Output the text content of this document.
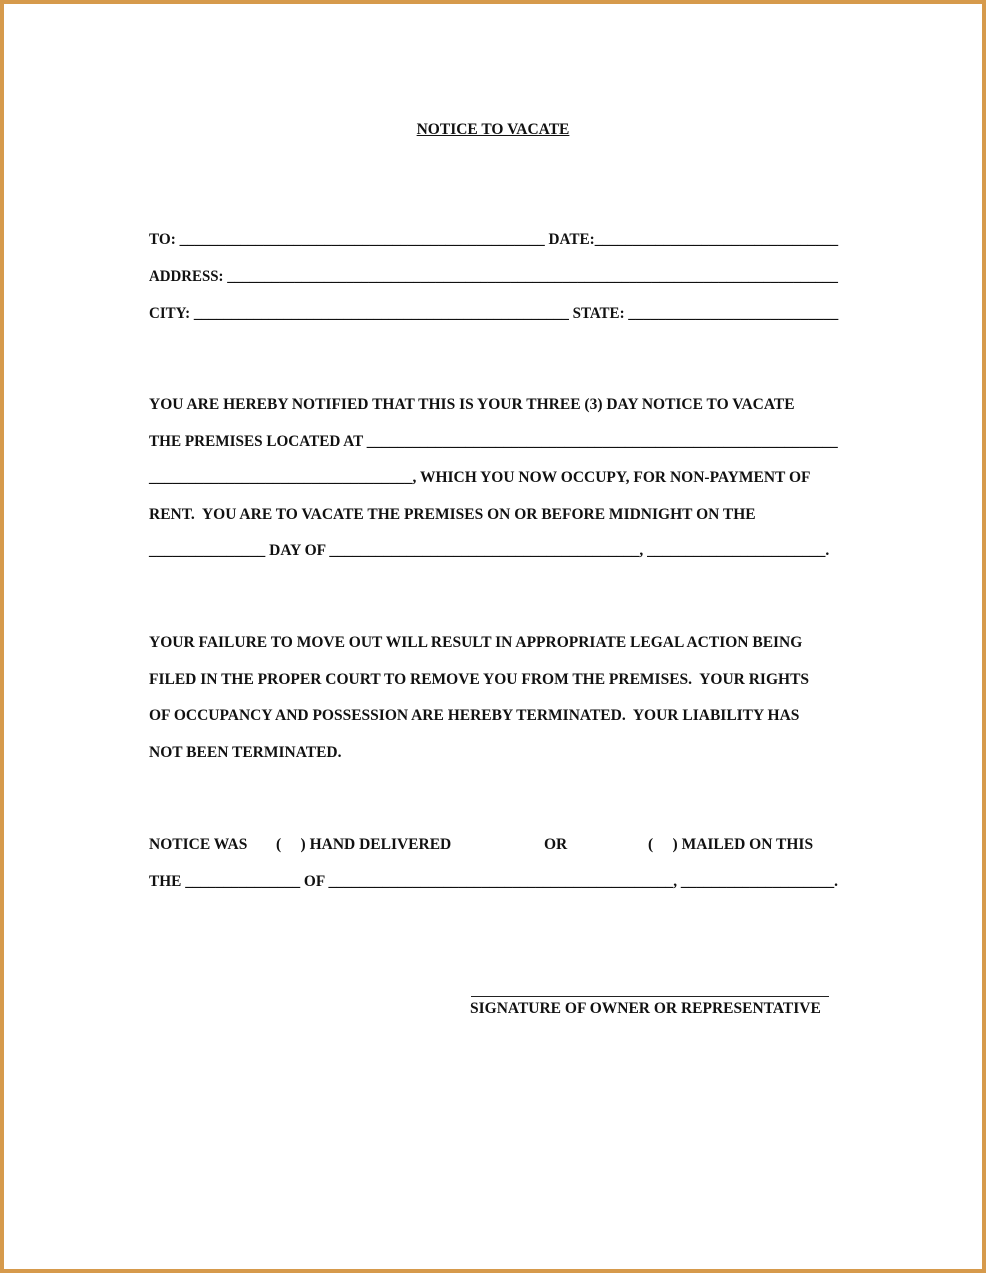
NOTICE TO VACATE
TO: ________________________________________________ DATE:________________________________
ADDRESS: __________________________________________________________________________________
CITY: __________________________________________________ STATE: ____________________________
YOU ARE HEREBY NOTIFIED THAT THIS IS YOUR THREE (3) DAY NOTICE TO VACATE
THE PREMISES LOCATED AT ______________________________________________________________
__________________________________, WHICH YOU NOW OCCUPY, FOR NON-PAYMENT OF
RENT.  YOU ARE TO VACATE THE PREMISES ON OR BEFORE MIDNIGHT ON THE
_______________ DAY OF ________________________________________, _______________________.
YOUR FAILURE TO MOVE OUT WILL RESULT IN APPROPRIATE LEGAL ACTION BEING
FILED IN THE PROPER COURT TO REMOVE YOU FROM THE PREMISES.  YOUR RIGHTS
OF OCCUPANCY AND POSSESSION ARE HEREBY TERMINATED.  YOUR LIABILITY HAS
NOT BEEN TERMINATED.
NOTICE WAS (     ) HAND DELIVERED	OR	(     ) MAILED ON THIS
THE _______________ OF _____________________________________________, ____________________.
SIGNATURE OF OWNER OR REPRESENTATIVE
